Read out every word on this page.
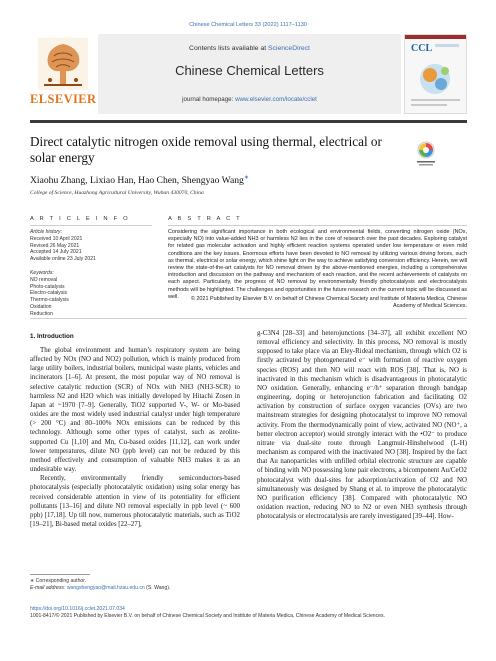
Chinese Chemical Letters 33 (2022) 1117–1130
ELSEVIER
Contents lists available at ScienceDirect
Chinese Chemical Letters
journal homepage: www.elsevier.com/locate/cclet
CCL
Direct catalytic nitrogen oxide removal using thermal, electrical or solar energy
Xiaohu Zhang, Lixiao Han, Hao Chen, Shengyao Wang∗
College of Science, Huazhong Agricultural University, Wuhan 430070, China
A R T I C L E I N F O	A B S T R A C T
Article history:
Received 10 April 2021
Revised 26 May 2021
Accepted 14 July 2021
Available online 23 July 2021
Keywords:
NO removal
Photo-catalysis
Electro-catalysis
Thermo-catalysis
Oxidation
Reduction
Considering the significant importance in both ecological and environmental fields, converting nitrogen oxide (NOx, especially NO) into value-added NH3 or harmless N2 lies in the core of research over the past decades. Exploring catalyst for related gas molecular activation and highly efficient reaction systems operated under low temperature or even mild conditions are the key issues. Enormous efforts have been devoted to NO removal by utilizing various driving forces, such as thermal, electrical or solar energy, which shine light on the way to achieve satisfying conversion efficiency. Herein, we will review the state-of-the-art catalysts for NO removal driven by the above-mentioned energies, including a comprehensive introduction and discussion on the pathway and mechanism of each reaction, and the recent achievements of catalysts on each aspect. Particularly, the progress of NO removal by environmentally friendly photocatalysis and electrocatalysis methods will be highlighted. The challenges and opportunities in the future research on the current topic will be discussed as well.	© 2021 Published by Elsevier B.V. on behalf of Chinese Chemical Society and Institute of Materia Medica, Chinese Academy of Medical Sciences.
1. Introduction

The global environment and human’s respiratory system are being affected by NOx (NO and NO2) pollution, which is mainly produced from large utility boilers, industrial boilers, municipal waste plants, vehicles and incinerators [1–6]. At present, the most popular way of NO removal is selective catalytic reduction (SCR) of NOx with NH3 (NH3-SCR) to harmless N2 and H2O which was initially developed by Hitachi Zosen in Japan at ~1970 [7–9]. Generally, TiO2 supported V-, W- or Mo-based oxides are the most widely used industrial catalyst under high temperature (> 200 °C) and 80–100% NOx emissions can be reduced by this technology. Although some other types of catalyst, such as zeolite-supported Cu [1,10] and Mn, Cu-based oxides [11,12], can work under lower temperatures, dilute NO (ppb level) can not be reduced by this method effectively and consumption of valuable NH3 makes it as an undesirable way.

Recently, environmentally friendly semiconductors-based photocatalysis (especially photocatalytic oxidation) using solar energy has received considerable attention in view of its potentiality for efficient pollutants [13–16] and dilute NO removal especially in ppb level (~ 600 ppb) [17,18]. Up till now, numerous photocatalytic materials, such as TiO2 [19–21], Bi-based metal oxides [22–27],

g-C3N4 [28–33] and heterojunctions [34–37], all exhibit excellent NO removal efficiency and selectivity. In this process, NO removal is mostly supposed to take place via an Eley-Rideal mechanism, through which O2 is firstly activated by photogenerated e⁻ with formation of reactive oxygen species (ROS) and then NO will react with ROS [38]. That is, NO is inactivated in this mechanism which is disadvantageous in photocatalytic NO oxidation. Generally, enhancing e⁻/h⁺ separation through bandgap engineering, doping or heterojunction fabrication and facilitating O2 activation by construction of surface oxygen vacancies (OVs) are two mainstream strategies for designing photocatalyst to improve NO removal activity. From the thermodynamically point of view, activated NO (NO⁺, a better electron acceptor) would strongly interact with the •O2⁻ to produce nitrate via dual-site route through Langmuir-Hinshelwood (L-H) mechanism as compared with the inactivated NO [38]. Inspired by the fact that Au nanoparticles with unfilled orbital electronic structure are capable of binding with NO possessing lone pair electrons, a bicomponent Au/CeO2 photocatalyst with dual-sites for adsorption/activation of O2 and NO simultaneously was designed by Shang et al. to improve the photocatalytic NO purification efficiency [38]. Compared with photocatalytic NO oxidation reaction, reducing NO to N2 or even NH3 synthesis through photocatalysis or electrocatalysis are rarely investigated [39–44]. How-

∗ Corresponding author.
E-mail address: wangshengyao@mail.hzau.edu.cn (S. Wang).
https://doi.org/10.1016/j.cclet.2021.07.034
1001-8417/© 2021 Published by Elsevier B.V. on behalf of Chinese Chemical Society and Institute of Materia Medica, Chinese Academy of Medical Sciences.
